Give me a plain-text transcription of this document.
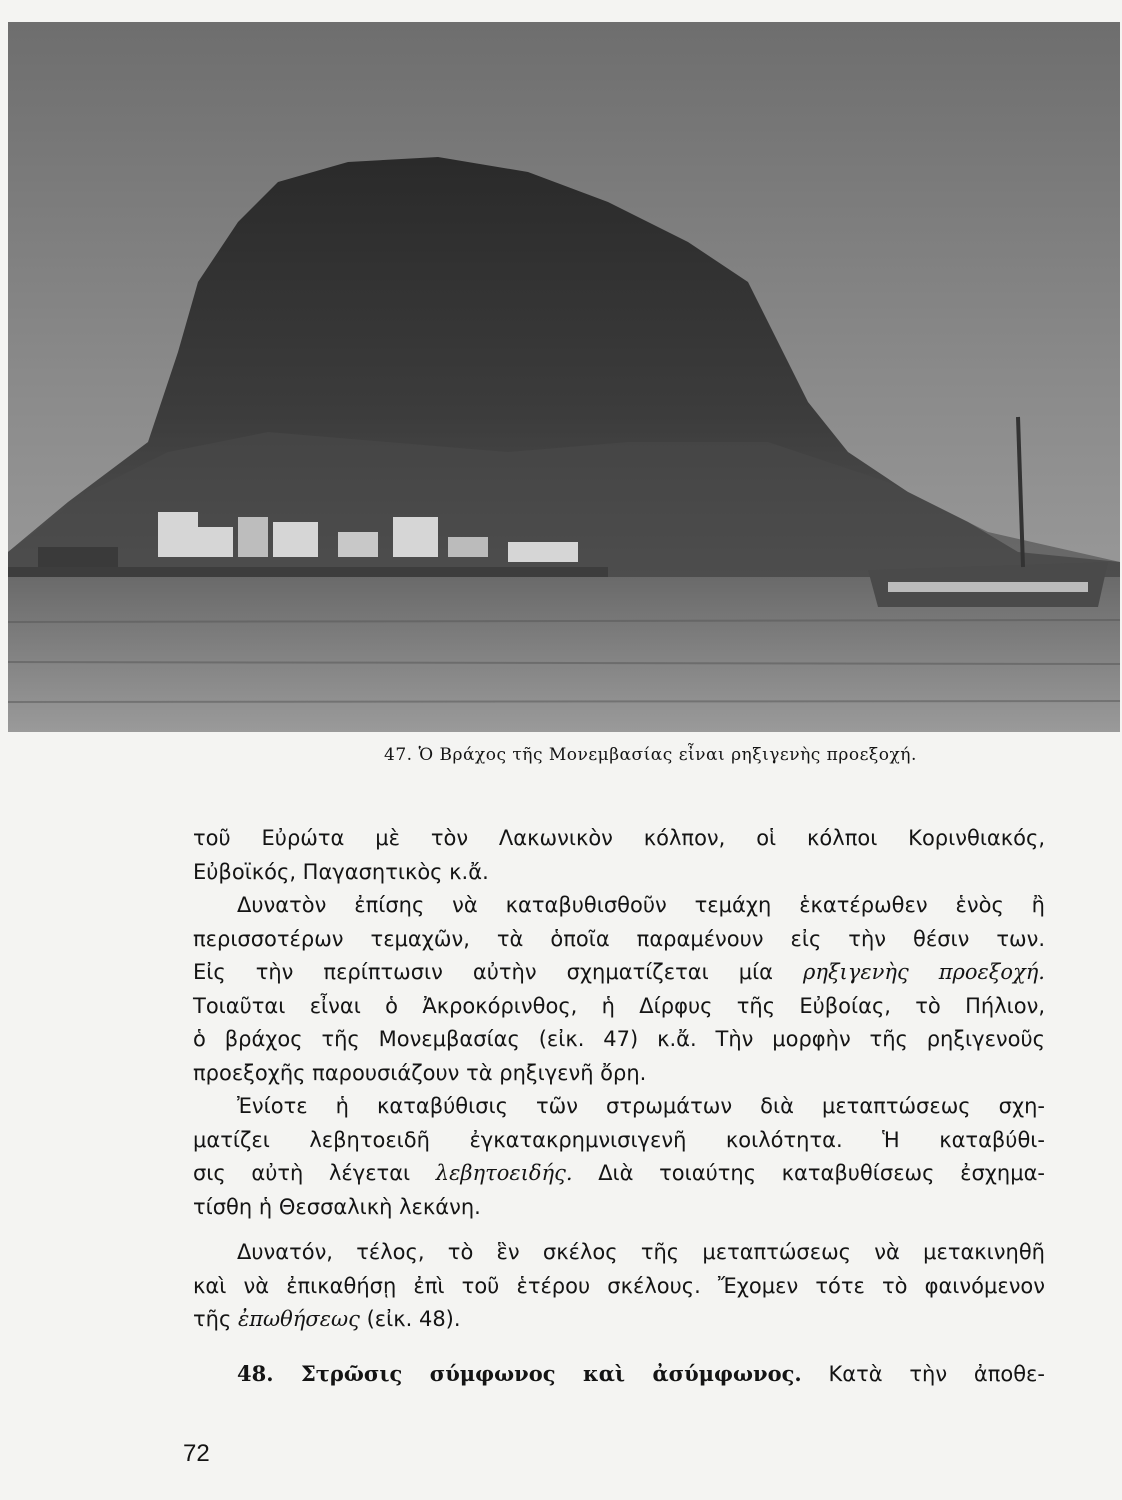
47. Ὁ Βράχος τῆς Μονεμβασίας εἶναι ρηξιγενὴς προεξοχή.
τοῦ Εὐρώτα μὲ τὸν Λακωνικὸν κόλπον, οἱ κόλποι Κορινθιακός,
Εὐβοϊκός, Παγασητικὸς κ.ἄ.
Δυνατὸν ἐπίσης νὰ καταβυθισθοῦν τεμάχη ἑκατέρωθεν ἑνὸς ἢ
περισσοτέρων τεμαχῶν, τὰ ὁποῖα παραμένουν εἰς τὴν θέσιν των.
Εἰς τὴν περίπτωσιν αὐτὴν σχηματίζεται μία ρηξιγενὴς προεξοχή.
Τοιαῦται εἶναι ὁ Ἀκροκόρινθος, ἡ Δίρφυς τῆς Εὐβοίας, τὸ Πήλιον,
ὁ βράχος τῆς Μονεμβασίας (εἰκ. 47) κ.ἄ. Τὴν μορφὴν τῆς ρηξιγενοῦς
προεξοχῆς παρουσιάζουν τὰ ρηξιγενῆ ὄρη.
Ἐνίοτε ἡ καταβύθισις τῶν στρωμάτων διὰ μεταπτώσεως σχη-
ματίζει λεβητοειδῆ ἐγκατακρημνισιγενῆ κοιλότητα. Ἡ καταβύθι-
σις αὐτὴ λέγεται λεβητοειδής. Διὰ τοιαύτης καταβυθίσεως ἐσχημα-
τίσθη ἡ Θεσσαλικὴ λεκάνη.
Δυνατόν, τέλος, τὸ ἓν σκέλος τῆς μεταπτώσεως νὰ μετακινηθῆ
καὶ νὰ ἐπικαθήσῃ ἐπὶ τοῦ ἑτέρου σκέλους. Ἔχομεν τότε τὸ φαινόμενον
τῆς ἐπωθήσεως (εἰκ. 48).
48. Στρῶσις σύμφωνος καὶ ἀσύμφωνος. Κατὰ τὴν ἀποθε-
72
